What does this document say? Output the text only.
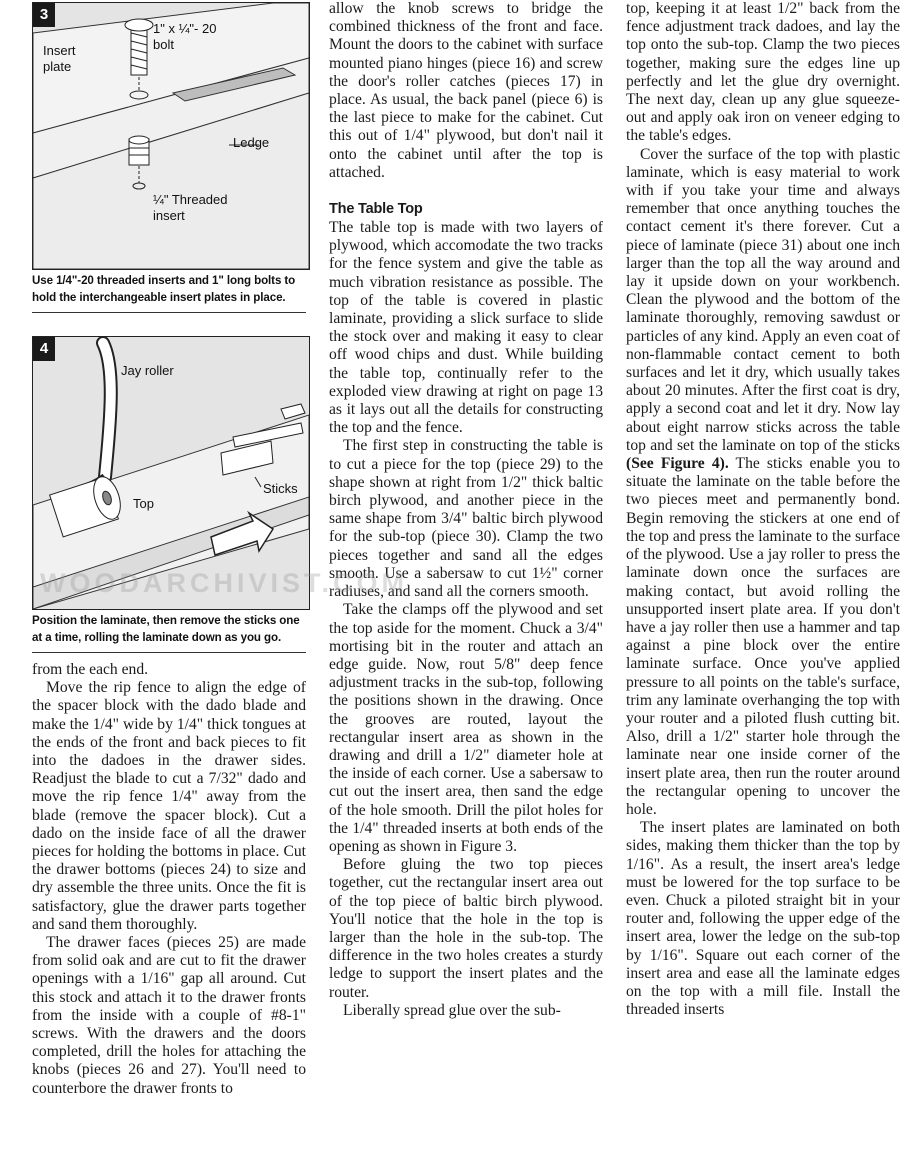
3
Insert
plate
1" x ¼"- 20
bolt
Ledge
¼" Threaded
insert
Use 1/4"-20 threaded inserts and 1" long bolts to hold the interchangeable insert plates in place.
4
Jay roller
Top
Sticks
Position the laminate, then remove the sticks one at a time, rolling the laminate down as you go.

from the each end.

Move the rip fence to align the edge of the spacer block with the dado blade and make the 1/4" wide by 1/4" thick tongues at the ends of the front and back pieces to fit into the dadoes in the drawer sides. Readjust the blade to cut a 7/32" dado and move the rip fence 1/4" away from the blade (remove the spacer block). Cut a dado on the inside face of all the drawer pieces for holding the bottoms in place. Cut the drawer bottoms (pieces 24) to size and dry assemble the three units. Once the fit is satisfactory, glue the drawer parts together and sand them thoroughly.

The drawer faces (pieces 25) are made from solid oak and are cut to fit the drawer openings with a 1/16" gap all around. Cut this stock and attach it to the drawer fronts from the inside with a couple of #8-1" screws. With the drawers and the doors completed, drill the holes for attaching the knobs (pieces 26 and 27). You'll need to counterbore the drawer fronts to

allow the knob screws to bridge the combined thickness of the front and face. Mount the doors to the cabinet with surface mounted piano hinges (piece 16) and screw the door's roller catches (pieces 17) in place. As usual, the back panel (piece 6) is the last piece to make for the cabinet. Cut this out of 1/4" plywood, but don't nail it onto the cabinet until after the top is attached.

The Table Top

The table top is made with two layers of plywood, which accomodate the two tracks for the fence system and give the table as much vibration resistance as possible. The top of the table is covered in plastic laminate, providing a slick surface to slide the stock over and making it easy to clear off wood chips and dust. While building the table top, continually refer to the exploded view drawing at right on page 13 as it lays out all the details for constructing the top and the fence.

The first step in constructing the table is to cut a piece for the top (piece 29) to the shape shown at right from 1/2" thick baltic birch plywood, and another piece in the same shape from 3/4" baltic birch plywood for the sub-top (piece 30). Clamp the two pieces together and sand all the edges smooth. Use a sabersaw to cut 1½" corner radiuses, and sand all the corners smooth.

Take the clamps off the plywood and set the top aside for the moment. Chuck a 3/4" mortising bit in the router and attach an edge guide. Now, rout 5/8" deep fence adjustment tracks in the sub-top, following the positions shown in the drawing. Once the grooves are routed, layout the rectangular insert area as shown in the drawing and drill a 1/2" diameter hole at the inside of each corner. Use a sabersaw to cut out the insert area, then sand the edge of the hole smooth. Drill the pilot holes for the 1/4" threaded inserts at both ends of the opening as shown in Figure 3.

Before gluing the two top pieces together, cut the rectangular insert area out of the top piece of baltic birch plywood. You'll notice that the hole in the top is larger than the hole in the sub-top. The difference in the two holes creates a sturdy ledge to support the insert plates and the router.

Liberally spread glue over the sub-

top, keeping it at least 1/2" back from the fence adjustment track dadoes, and lay the top onto the sub-top. Clamp the two pieces together, making sure the edges line up perfectly and let the glue dry overnight. The next day, clean up any glue squeeze-out and apply oak iron on veneer edging to the table's edges.

Cover the surface of the top with plastic laminate, which is easy material to work with if you take your time and always remember that once anything touches the contact cement it's there forever. Cut a piece of laminate (piece 31) about one inch larger than the top all the way around and lay it upside down on your workbench. Clean the plywood and the bottom of the laminate thoroughly, removing sawdust or particles of any kind. Apply an even coat of non-flammable contact cement to both surfaces and let it dry, which usually takes about 20 minutes. After the first coat is dry, apply a second coat and let it dry. Now lay about eight narrow sticks across the table top and set the laminate on top of the sticks (See Figure 4). The sticks enable you to situate the laminate on the table before the two pieces meet and permanently bond. Begin removing the stickers at one end of the top and press the laminate to the surface of the plywood. Use a jay roller to press the laminate down once the surfaces are making contact, but avoid rolling the unsupported insert plate area. If you don't have a jay roller then use a hammer and tap against a pine block over the entire laminate surface. Once you've applied pressure to all points on the table's surface, trim any laminate overhanging the top with your router and a piloted flush cutting bit. Also, drill a 1/2" starter hole through the laminate near one inside corner of the insert plate area, then run the router around the rectangular opening to uncover the hole.

The insert plates are laminated on both sides, making them thicker than the top by 1/16". As a result, the insert area's ledge must be lowered for the top surface to be even. Chuck a piloted straight bit in your router and, following the upper edge of the insert area, lower the ledge on the sub-top by 1/16". Square out each corner of the insert area and ease all the laminate edges on the top with a mill file. Install the threaded inserts

WOODARCHIVIST.COM
